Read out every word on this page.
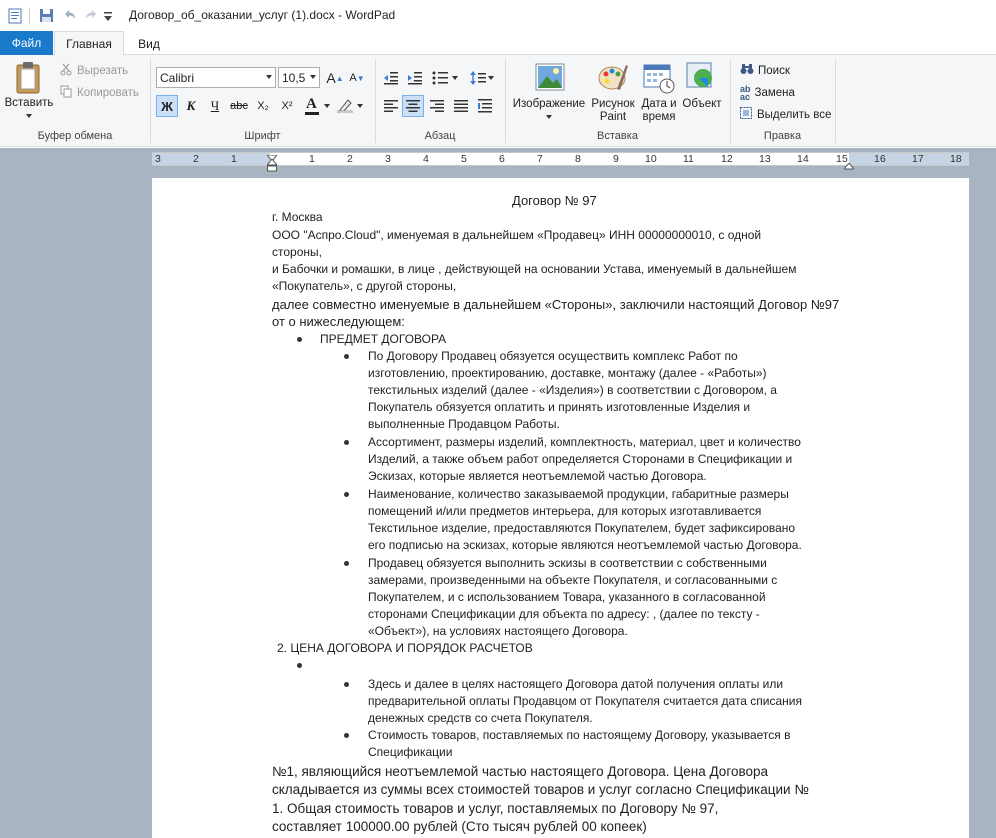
Договор_об_оказании_услуг (1).docx - WordPad
Файл	Главная	Вид
Вставить
Вырезать
Копировать
Буфер обмена
Calibri	10,5 A ▲ A ▼
Ж	К	Ч abc X₂	X² A
Шрифт	Абзац
Изображение Рисунок
Paint
Дата и
время
Объект
Вставка
Поиск
ab
ac Замена
Выделить все
Правка
3	2	1	1	2	3	4	5	6	7	8	9 10	11	12	13	14	15	16	17	18
Договор № 97
г. Москва
ООО "Аспро.Cloud", именуемая в дальнейшем «Продавец» ИНН 00000000010, с одной
стороны,
и Бабочки и ромашки, в лице , действующей на основании Устава, именуемый в дальнейшем
«Покупатель», с другой стороны,
далее совместно именуемые в дальнейшем «Стороны», заключили настоящий Договор №97
от о нижеследующем:
ПРЕДМЕТ ДОГОВОРА
По Договору Продавец обязуется осуществить комплекс Работ по
изготовлению, проектированию, доставке, монтажу (далее - «Работы»)
текстильных изделий (далее - «Изделия») в соответствии с Договором, а
Покупатель обязуется оплатить и принять изготовленные Изделия и
выполненные Продавцом Работы.
Ассортимент, размеры изделий, комплектность, материал, цвет и количество
Изделий, а также объем работ определяется Сторонами в Спецификации и
Эскизах, которые является неотъемлемой частью Договора.
Наименование, количество заказываемой продукции, габаритные размеры
помещений и/или предметов интерьера, для которых изготавливается
Текстильное изделие, предоставляются Покупателем, будет зафиксировано
его подписью на эскизах, которые являются неотъемлемой частью Договора.
Продавец обязуется выполнить эскизы в соответствии с собственными
замерами, произведенными на объекте Покупателя, и согласованными с
Покупателем, и с использованием Товара, указанного в согласованной
сторонами Спецификации для объекта по адресу: , (далее по тексту -
«Объект»), на условиях настоящего Договора.
2. ЦЕНА ДОГОВОРА И ПОРЯДОК РАСЧЕТОВ
Здесь и далее в целях настоящего Договора датой получения оплаты или
предварительной оплаты Продавцом от Покупателя считается дата списания
денежных средств со счета Покупателя.
Стоимость товаров, поставляемых по настоящему Договору, указывается в
Спецификации
№1, являющийся неотъемлемой частью настоящего Договора. Цена Договора
складывается из суммы всех стоимостей товаров и услуг согласно Спецификации №
1. Общая стоимость товаров и услуг, поставляемых по Договору № 97,
составляет 100000.00 рублей (Сто тысяч рублей 00 копеек)
